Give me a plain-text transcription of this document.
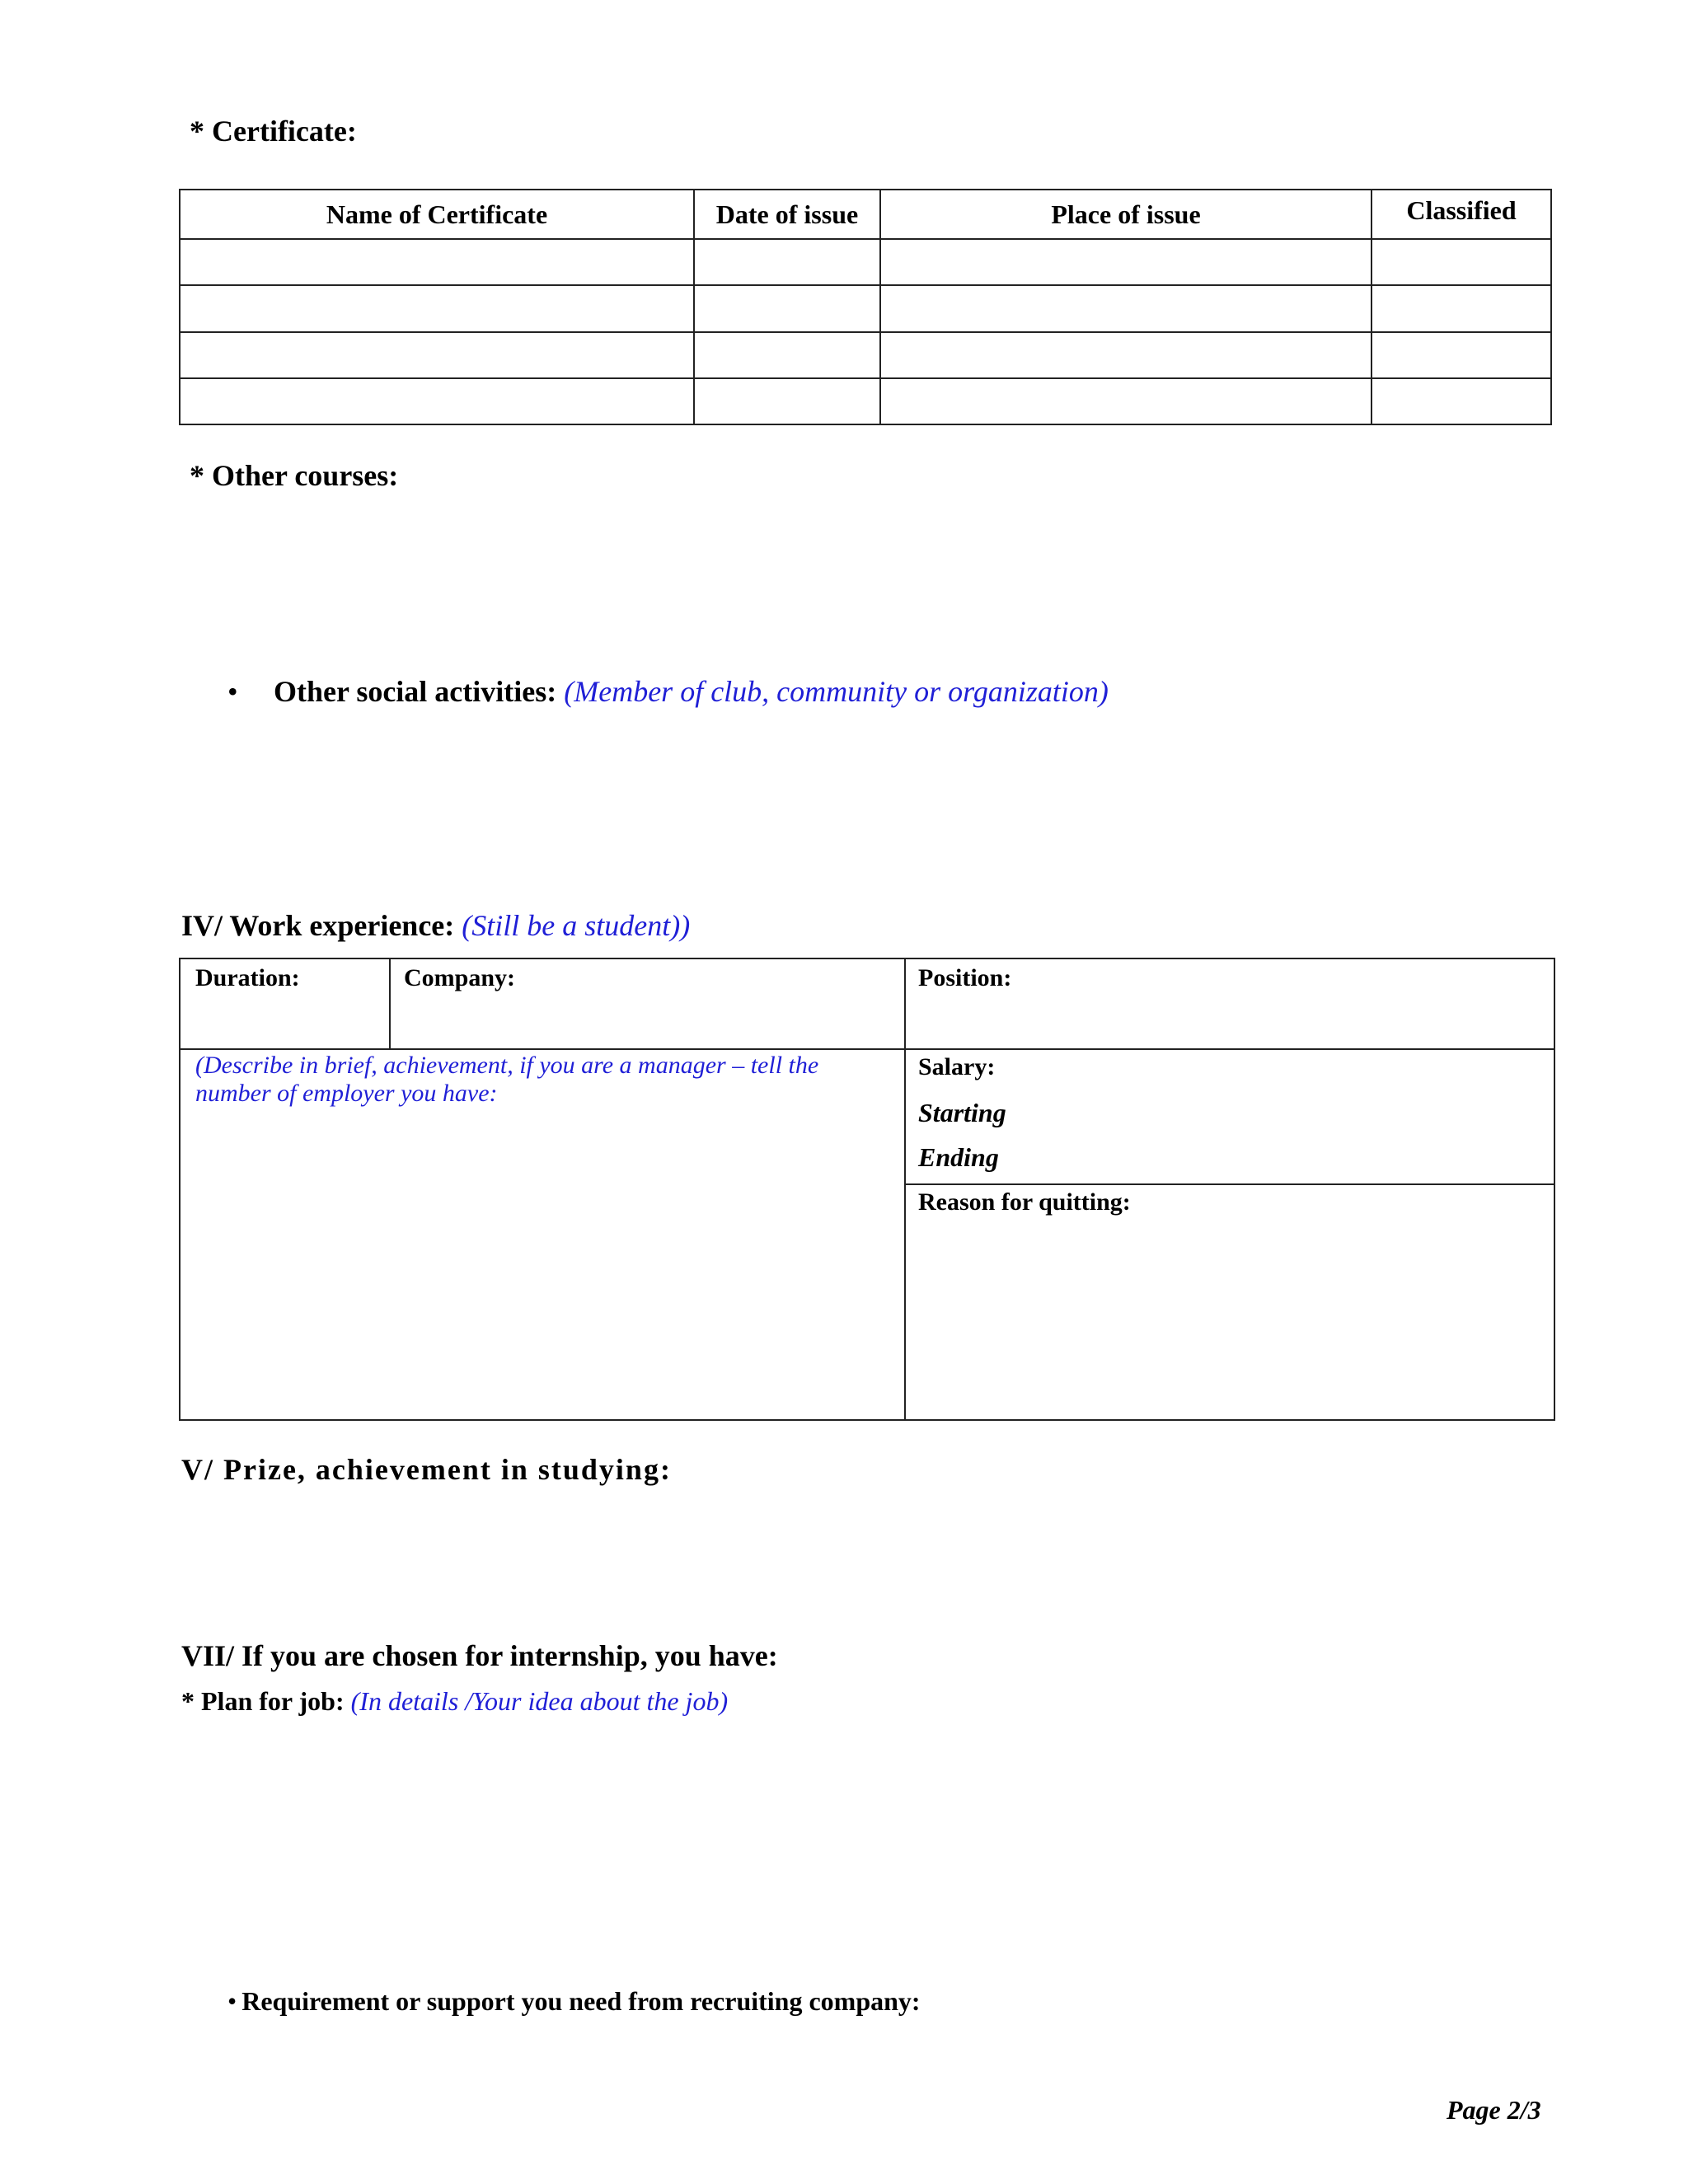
* Certificate:
Name of Certificate	Date of issue	Place of issue	Classified

* Other courses:
• Other social activities: (Member of club, community or organization)
IV/ Work experience: (Still be a student))
Duration:	Company:	Position:
(Describe in brief, achievement, if you are a manager – tell the
number of employer you have:
Salary:
Starting
Ending
Reason for quitting:
V/ Prize, achievement in studying:
VII/ If you are chosen for internship, you have:
* Plan for job: (In details /Your idea about the job)
• Requirement or support you need from recruiting company:
Page 2/3
